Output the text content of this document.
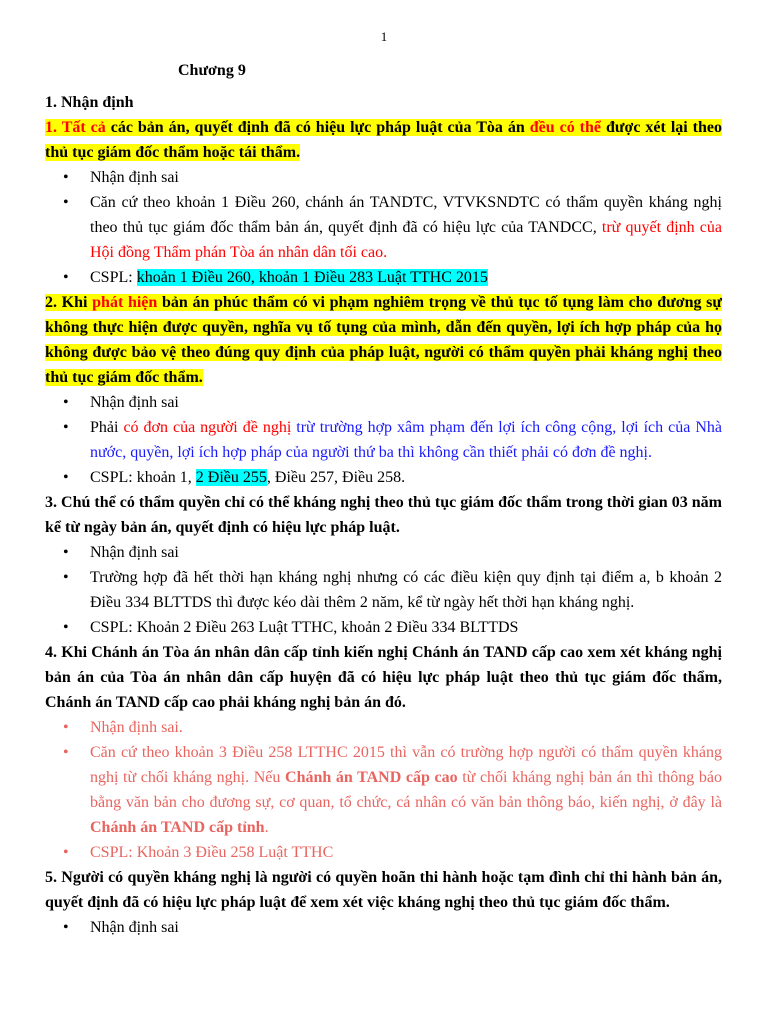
1
Chương 9
1. Nhận định
1. Tất cả các bản án, quyết định đã có hiệu lực pháp luật của Tòa án đều có thể được xét lại theo thủ tục giám đốc thẩm hoặc tái thẩm.
• Nhận định sai
• Căn cứ theo khoản 1 Điều 260, chánh án TANDTC, VTVKSNDTC có thẩm quyền kháng nghị theo thủ tục giám đốc thẩm bản án, quyết định đã có hiệu lực của TANDCC, trừ quyết định của Hội đồng Thẩm phán Tòa án nhân dân tối cao.
• CSPL: khoản 1 Điều 260, khoản 1 Điều 283 Luật TTHC 2015
2. Khi phát hiện bản án phúc thẩm có vi phạm nghiêm trọng về thủ tục tố tụng làm cho đương sự không thực hiện được quyền, nghĩa vụ tố tụng của mình, dẫn đến quyền, lợi ích hợp pháp của họ không được bảo vệ theo đúng quy định của pháp luật, người có thẩm quyền phải kháng nghị theo thủ tục giám đốc thẩm.
• Nhận định sai
• Phải có đơn của người đề nghị trừ trường hợp xâm phạm đến lợi ích công cộng, lợi ích của Nhà nước, quyền, lợi ích hợp pháp của người thứ ba thì không cần thiết phải có đơn đề nghị.
• CSPL: khoản 1, 2 Điều 255, Điều 257, Điều 258.
3. Chú thể có thẩm quyền chỉ có thể kháng nghị theo thủ tục giám đốc thẩm trong thời gian 03 năm kể từ ngày bản án, quyết định có hiệu lực pháp luật.
• Nhận định sai
• Trường hợp đã hết thời hạn kháng nghị nhưng có các điều kiện quy định tại điểm a, b khoản 2 Điều 334 BLTTDS thì được kéo dài thêm 2 năm, kể từ ngày hết thời hạn kháng nghị.
• CSPL: Khoản 2 Điều 263 Luật TTHC, khoản 2 Điều 334 BLTTDS
4. Khi Chánh án Tòa án nhân dân cấp tỉnh kiến nghị Chánh án TAND cấp cao xem xét kháng nghị bản án của Tòa án nhân dân cấp huyện đã có hiệu lực pháp luật theo thủ tục giám đốc thẩm, Chánh án TAND cấp cao phải kháng nghị bản án đó.
• Nhận định sai.
• Căn cứ theo khoản 3 Điều 258 LTTHC 2015 thì vẫn có trường hợp người có thẩm quyền kháng nghị từ chối kháng nghị. Nếu Chánh án TAND cấp cao từ chối kháng nghị bản án thì thông báo bằng văn bản cho đương sự, cơ quan, tổ chức, cá nhân có văn bản thông báo, kiến nghị, ở đây là Chánh án TAND cấp tỉnh.
• CSPL: Khoản 3 Điều 258 Luật TTHC
5. Người có quyền kháng nghị là người có quyền hoãn thi hành hoặc tạm đình chỉ thi hành bản án, quyết định đã có hiệu lực pháp luật để xem xét việc kháng nghị theo thủ tục giám đốc thẩm.
• Nhận định sai
